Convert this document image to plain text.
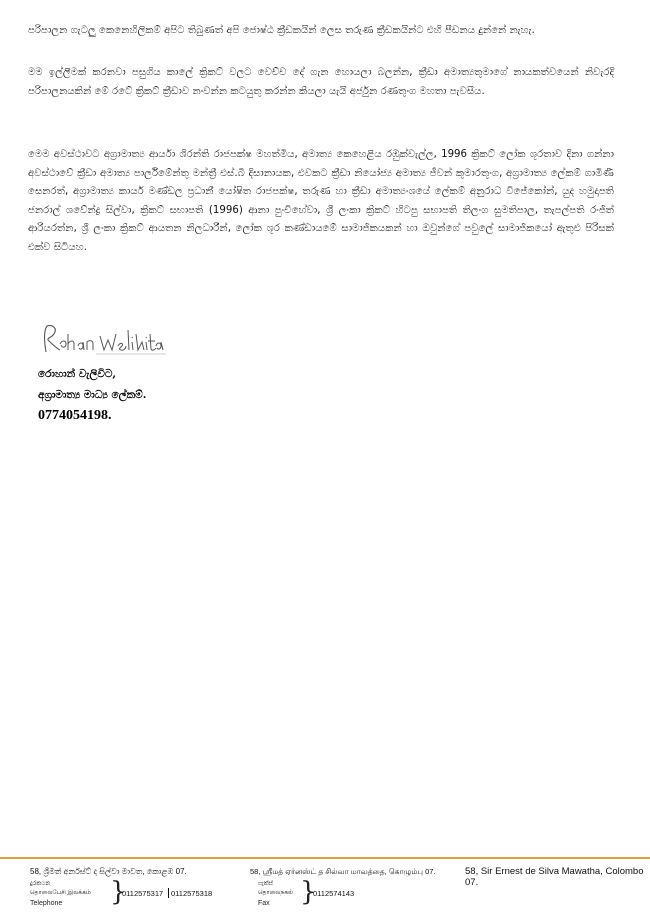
පරිපාලන ගැටලු කෙනෙහිලිකම් අපිට තිබුණත් අපි ජොෂ්ඨ ක්‍රීඩකයින් ලෙස තරුණ ක්‍රීඩකයින්ට එහි පීඩනය දුන්නේ නැහැ.

මම ඉල්ලීමක් කරනවා පසුගිය කාලේ ක්‍රිකට් වලට වෙච්ච දේ ගැන හොයලා බලන්න, ක්‍රීඩා අමාත්‍යතුමාගේ නායකත්වයෙන් නිවැරදි පරිපාලනයකින් මේ රටේ ක්‍රිකට් ක්‍රීඩාව නංවන්න කටයුතු කරන්න කියලා යැයි අර්ජුන රණතුංග මහතා පැවසීය.

මෙම අවස්ථාවට අග්‍රාමාත්‍ය ආර්යා ශිරන්ති රාජපක්ෂ මහත්මිය, අමාත්‍ය කෙහෙළිය රඹුක්වැල්ල, 1996 ක්‍රිකට් ලෝක ශූරතාව දිනා ගන්නා අවස්ථාවේ ක්‍රීඩා අමාත්‍ය පාර්ලිමේන්තු මන්ත්‍රී එස්.බී දිසානායක, එවකට ක්‍රීඩා නියෝජ්‍ය අමාත්‍ය ජීවන් කුමාරතුංග, අග්‍රාමාත්‍ය ලේකම් ගාමිණී සෙනරත්, අග්‍රාමාත්‍ය කාර්ය මණ්ඩල ප්‍රධානී යෝෂිත රාජපක්ෂ, තරුණ හා ක්‍රීඩා අමාත්‍යංශයේ ලේකම් අනුරාධ විජේකෝන්, යුද හමුදාපති ජනරාල් ශවේන්ද්‍ර සිල්වා, ක්‍රිකට් සභාපති (1996) ආනා පුංචිහේවා, ශ්‍රී ලංකා ක්‍රිකට් හිටපු සභාපති තිලංග සුමතිපාල, තැපල්පති රංජිත් ආරියරත්න, ශ්‍රී ලංකා ක්‍රිකට් ආයතන නිලධාරීන්, ලෝක ශූර කණ්ඩායමේ සාමාජිකයකන් හා ඔවුන්ගේ පවුලේ සාමාජිකයෝ ඇතුළු පිරිසක් එක්ව සිටියහ.

රොහාන් වැලිවිට,
අග්‍රාමාත්‍ය මාධ්‍ය ලේකම්.
0774054198.
58, ශ්‍රීමත් අර්නස්ට් ද සිල්වා මාවත, කොළඹ 07.	58, ஸ்ரீமத் ஏர்னஸ்ட் த சில்வா மாவத்தை, கொழும்பு 07.	58, Sir Ernest de Silva Mawatha, Colombo 07.
දුරකථන
தொலைபேசி இலக்கம்
Telephone }
0112575317 0112575318
ෆැක්ස්
தொலைநகல்
Fax }
0112574143
